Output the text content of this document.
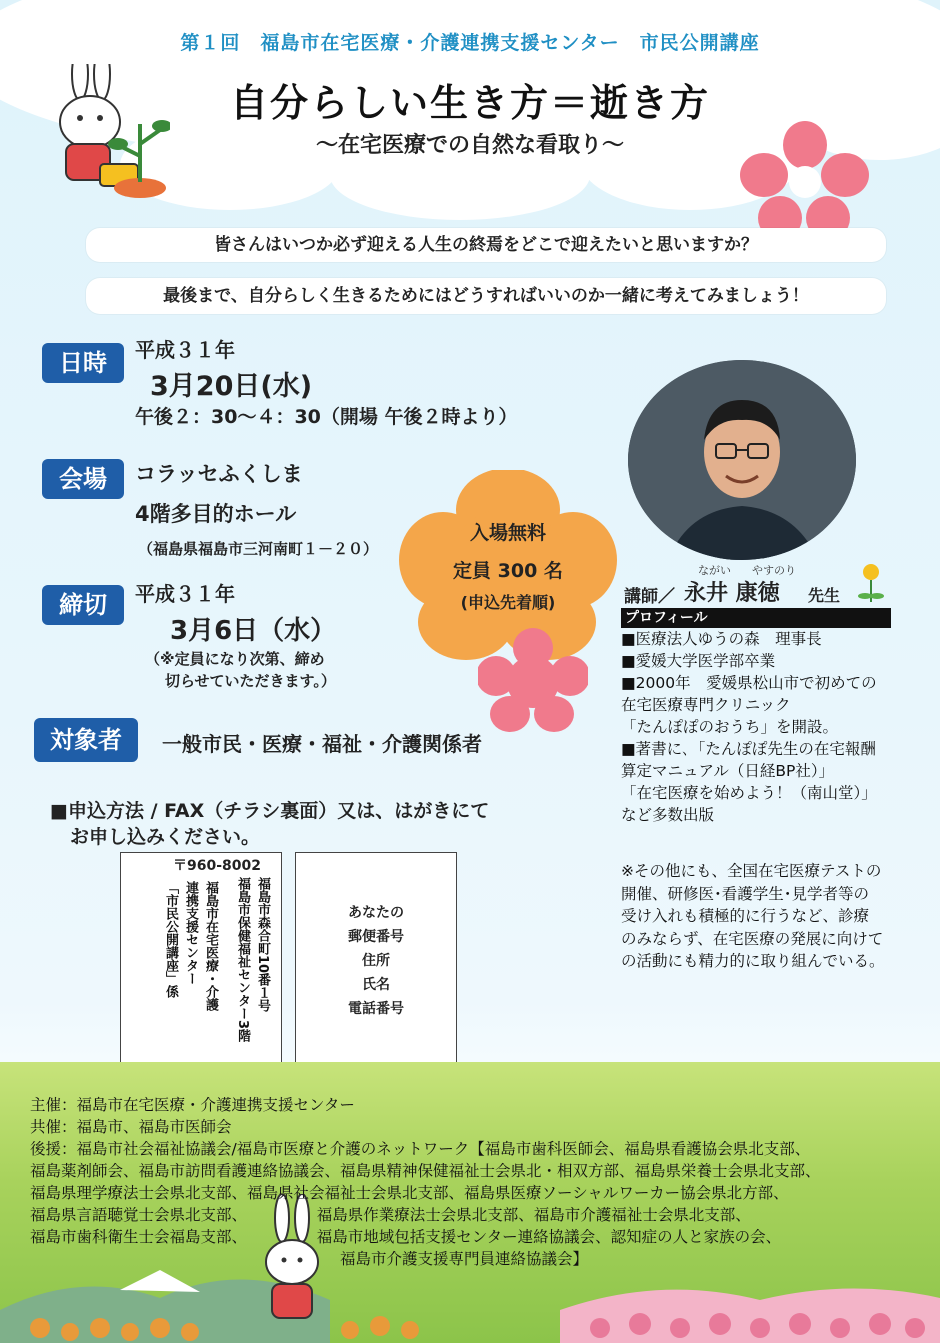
第１回　福島市在宅医療・介護連携支援センター　市民公開講座
自分らしい生き方＝逝き方
～在宅医療での自然な看取り～
皆さんはいつか必ず迎える人生の終焉をどこで迎えたいと思いますか？
最後まで、自分らしく生きるためにはどうすればいいのか一緒に考えてみましょう！
日時	平成３１年
3月20日(水)
午後２：30～４：30（開場 午後２時より）
会場	コラッセふくしま
4階多目的ホール
（福島県福島市三河南町１－２０）
締切	平成３１年
3月6日（水）
（※定員になり次第、締め
切らせていただきます。）
入場無料
定員 300 名
(申込先着順)
対象者	一般市民・医療・福祉・介護関係者
■申込方法 / FAX（チラシ裏面）又は、はがきにて
お申し込みください。
〒960-8002
福島市森合町10番１号
福島市保健福祉センター3階
福島市在宅医療・介護
連携支援センター
「市民公開講座」係	あなたの
郵便番号
住所
氏名
電話番号
ながい やすのり
講師／ 永井 康徳 先生
プロフィール

■医療法人ゆうの森　理事長

■愛媛大学医学部卒業

■2000年　愛媛県松山市で初めての

在宅医療専門クリニック

「たんぽぽのおうち」を開設。

■著書に､「たんぽぽ先生の在宅報酬

算定マニュアル（日経BP社）」

「在宅医療を始めよう！（南山堂）」

など多数出版

※その他にも、全国在宅医療テストの
開催、研修医･看護学生･見学者等の
受け入れも積極的に行うなど、診療
のみならず、在宅医療の発展に向けて
の活動にも精力的に取り組んでいる。

主催：福島市在宅医療・介護連携支援センター

共催：福島市、福島市医師会

後援：福島市社会福祉協議会/福島市医療と介護のネットワーク【福島市歯科医師会、福島県看護協会県北支部、

福島薬剤師会、福島市訪問看護連絡協議会、福島県精神保健福祉士会県北・相双方部、福島県栄養士会県北支部、

福島県理学療法士会県北支部、福島県社会福祉士会県北支部、福島県医療ソーシャルワーカー協会県北方部、

福島県言語聴覚士会県北支部、　　　　　福島県作業療法士会県北支部、福島市介護福祉士会県北支部、

福島市歯科衛生士会福島支部、　　　　　福島市地域包括支援センター連絡協議会、認知症の人と家族の会、

　　　　　　　　　　　　　　　　　　　　福島市介護支援専門員連絡協議会】
